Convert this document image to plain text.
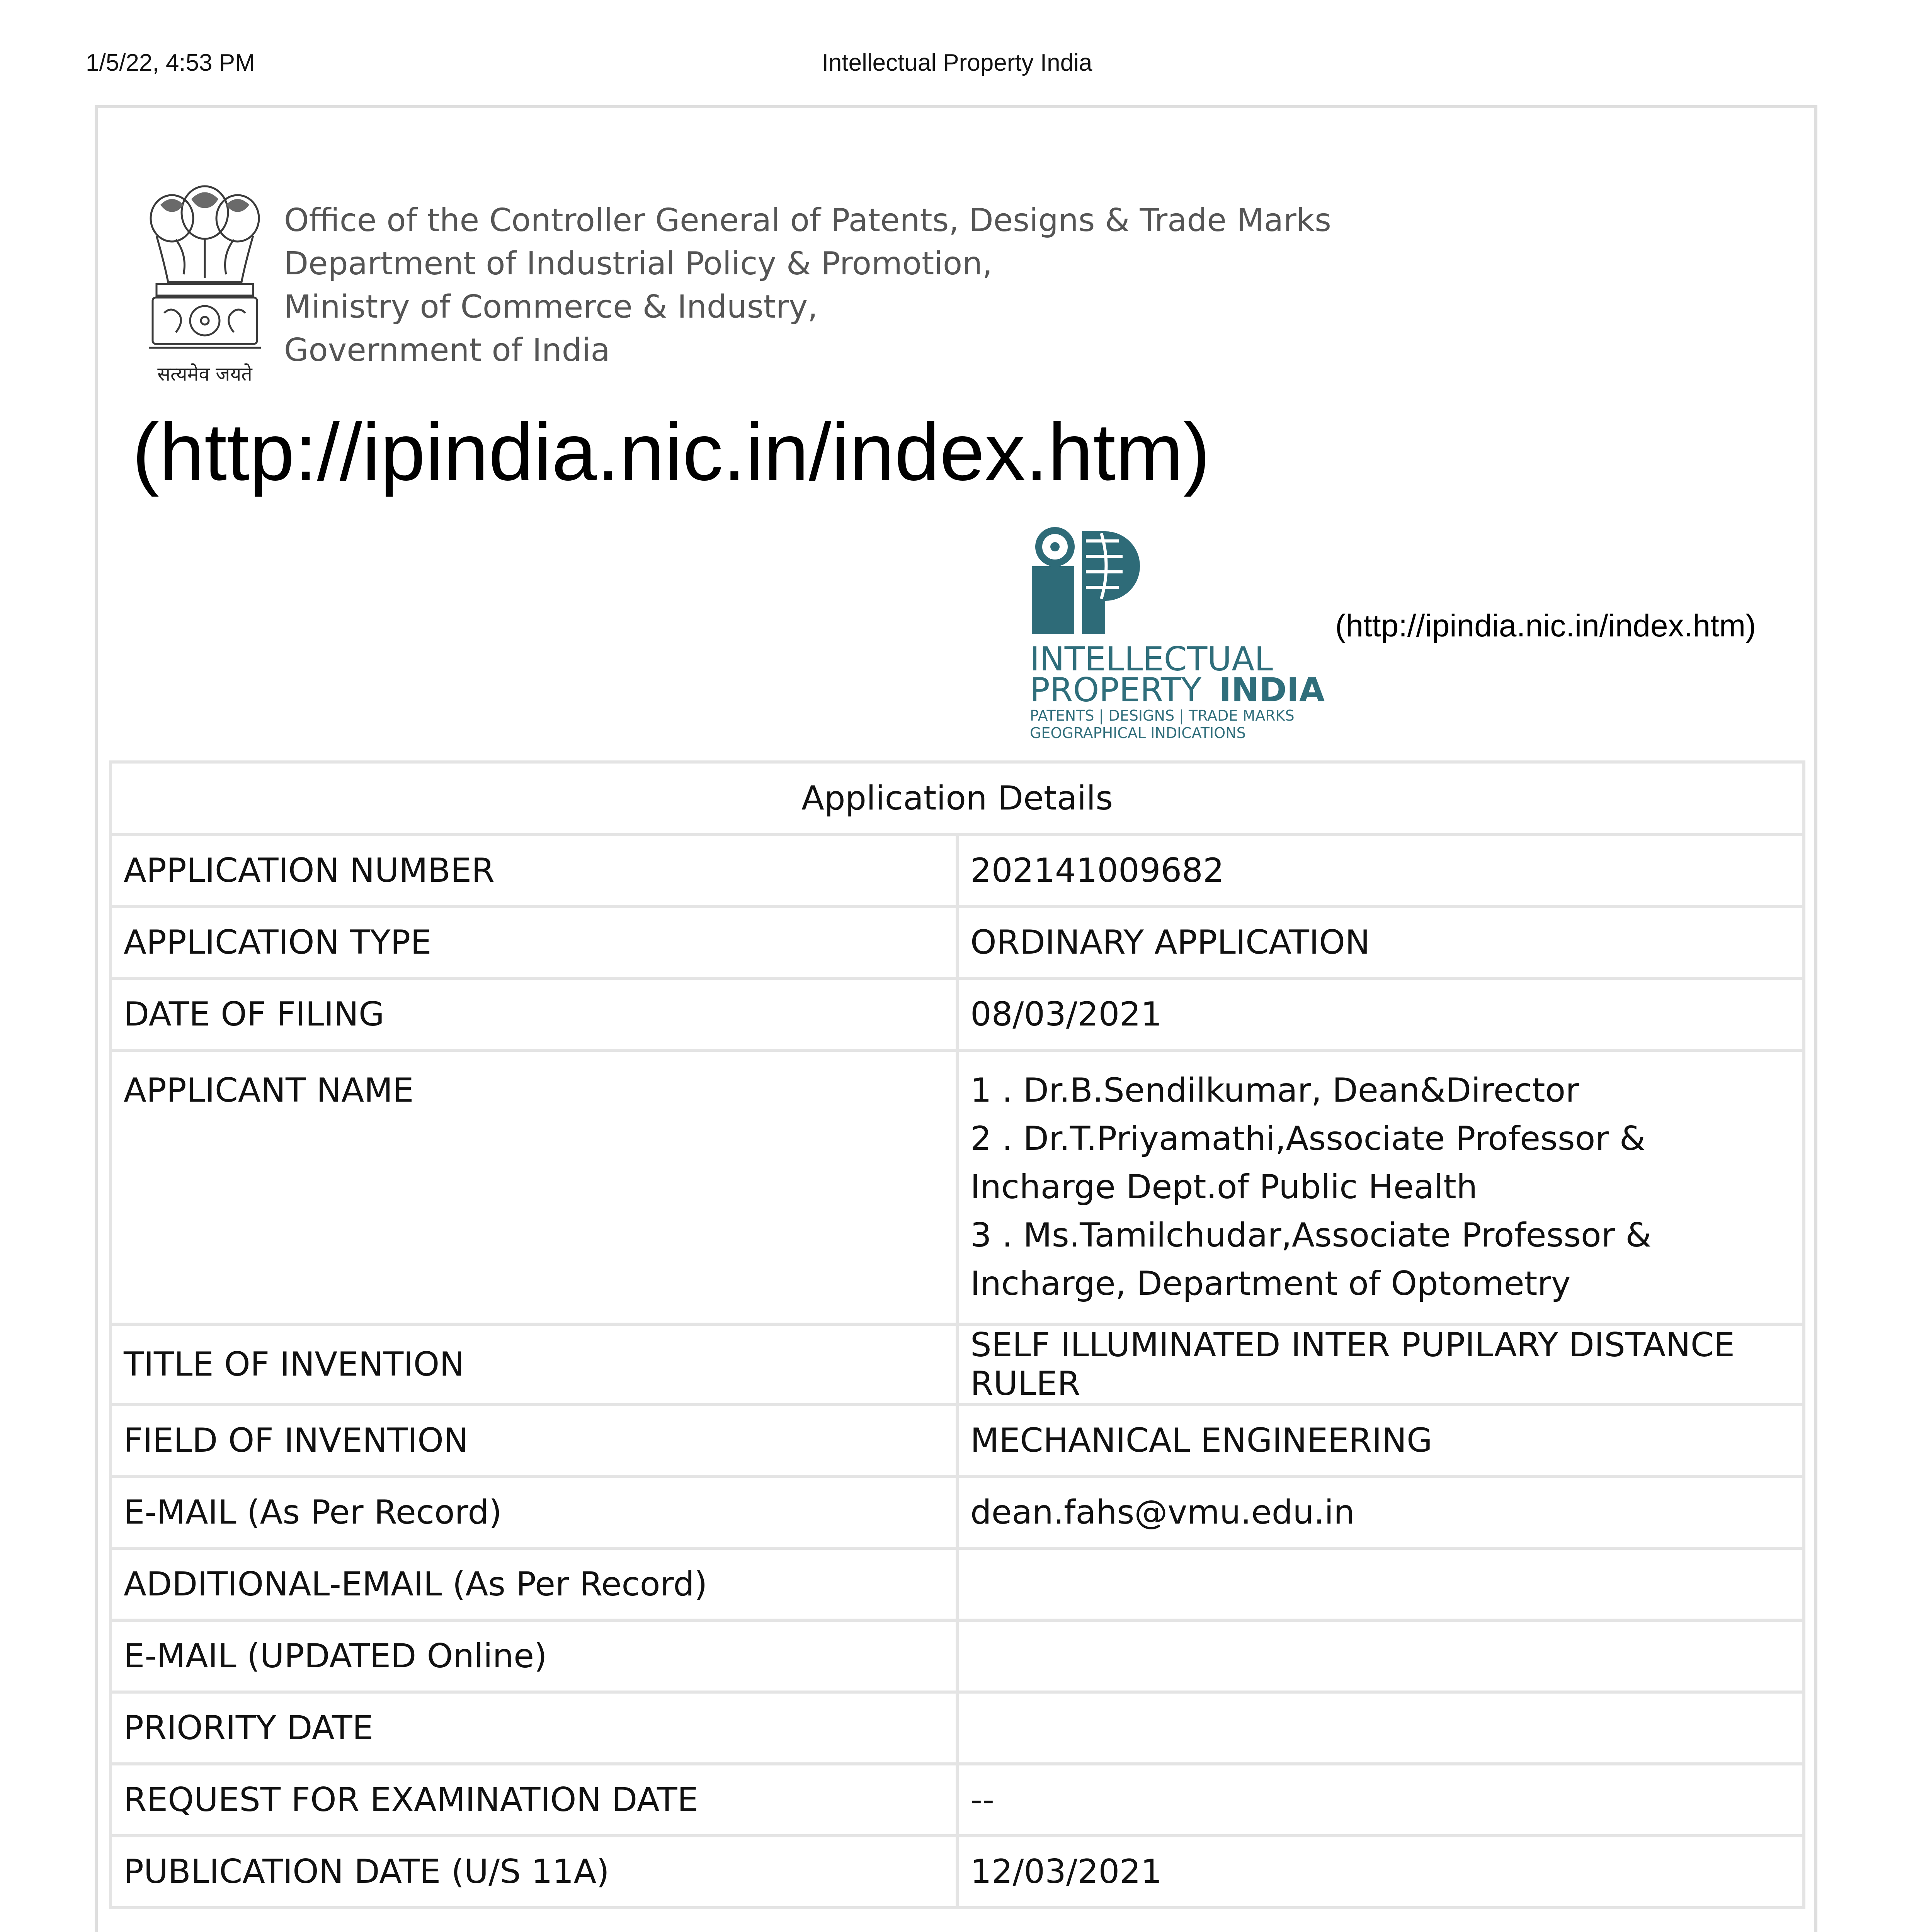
Intellectual Property India
1/5/22, 4:53 PM
सत्यमेव जयते
Office of the Controller General of Patents, Designs & Trade Marks
Department of Industrial Policy & Promotion,
Ministry of Commerce & Industry,
Government of India
(http://ipindia.nic.in/index.htm)
INTELLECTUAL
PROPERTY INDIA
PATENTS | DESIGNS | TRADE MARKS
GEOGRAPHICAL INDICATIONS
(http://ipindia.nic.in/index.htm)
Application Details	
APPLICATION NUMBER	202141009682
APPLICATION TYPE	ORDINARY APPLICATION
DATE OF FILING	08/03/2021
APPLICANT NAME	1 . Dr.B.Sendilkumar, Dean&Director
2 . Dr.T.Priyamathi,Associate Professor & Incharge Dept.of Public Health
3 . Ms.Tamilchudar,Associate Professor & Incharge, Department of Optometry

TITLE OF INVENTION	SELF ILLUMINATED INTER PUPILARY DISTANCE RULER
FIELD OF INVENTION	MECHANICAL ENGINEERING
E-MAIL (As Per Record)	dean.fahs@vmu.edu.in
ADDITIONAL-EMAIL (As Per Record)	
E-MAIL (UPDATED Online)	
PRIORITY DATE	
REQUEST FOR EXAMINATION DATE	--
PUBLICATION DATE (U/S 11A)	12/03/2021
